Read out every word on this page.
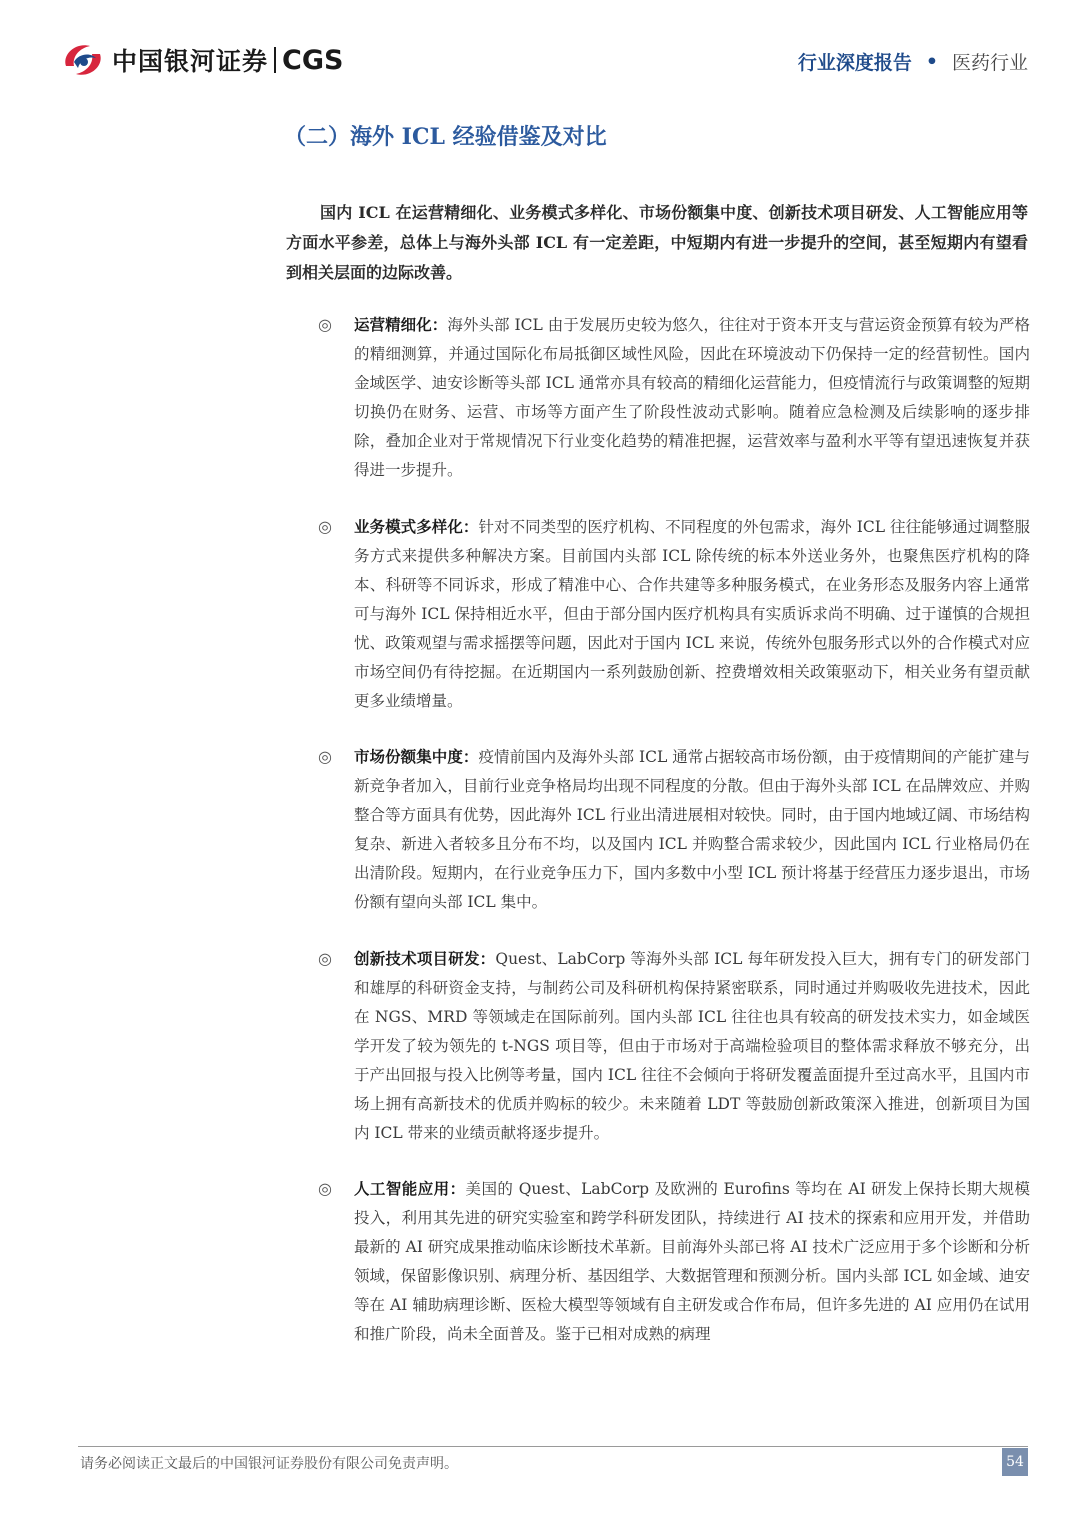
中国银河证券 CGS	行业深度报告 • 医药行业
（二）海外 ICL 经验借鉴及对比

国内 ICL 在运营精细化、业务模式多样化、市场份额集中度、创新技术项目研发、人工智能应用等方面水平参差，总体上与海外头部 ICL 有一定差距，中短期内有进一步提升的空间，甚至短期内有望看到相关层面的边际改善。

◎ 运营精细化：海外头部 ICL 由于发展历史较为悠久，往往对于资本开支与营运资金预算有较为严格的精细测算，并通过国际化布局抵御区域性风险，因此在环境波动下仍保持一定的经营韧性。国内金域医学、迪安诊断等头部 ICL 通常亦具有较高的精细化运营能力，但疫情流行与政策调整的短期切换仍在财务、运营、市场等方面产生了阶段性波动式影响。随着应急检测及后续影响的逐步排除，叠加企业对于常规情况下行业变化趋势的精准把握，运营效率与盈利水平等有望迅速恢复并获得进一步提升。
◎ 业务模式多样化：针对不同类型的医疗机构、不同程度的外包需求，海外 ICL 往往能够通过调整服务方式来提供多种解决方案。目前国内头部 ICL 除传统的标本外送业务外，也聚焦医疗机构的降本、科研等不同诉求，形成了精准中心、合作共建等多种服务模式，在业务形态及服务内容上通常可与海外 ICL 保持相近水平，但由于部分国内医疗机构具有实质诉求尚不明确、过于谨慎的合规担忧、政策观望与需求摇摆等问题，因此对于国内 ICL 来说，传统外包服务形式以外的合作模式对应市场空间仍有待挖掘。在近期国内一系列鼓励创新、控费增效相关政策驱动下，相关业务有望贡献更多业绩增量。
◎ 市场份额集中度：疫情前国内及海外头部 ICL 通常占据较高市场份额，由于疫情期间的产能扩建与新竞争者加入，目前行业竞争格局均出现不同程度的分散。但由于海外头部 ICL 在品牌效应、并购整合等方面具有优势，因此海外 ICL 行业出清进展相对较快。同时，由于国内地域辽阔、市场结构复杂、新进入者较多且分布不均，以及国内 ICL 并购整合需求较少，因此国内 ICL 行业格局仍在出清阶段。短期内，在行业竞争压力下，国内多数中小型 ICL 预计将基于经营压力逐步退出，市场份额有望向头部 ICL 集中。
◎ 创新技术项目研发：Quest、LabCorp 等海外头部 ICL 每年研发投入巨大，拥有专门的研发部门和雄厚的科研资金支持，与制药公司及科研机构保持紧密联系，同时通过并购吸收先进技术，因此在 NGS、MRD 等领域走在国际前列。国内头部 ICL 往往也具有较高的研发技术实力，如金域医学开发了较为领先的 t-NGS 项目等，但由于市场对于高端检验项目的整体需求释放不够充分，出于产出回报与投入比例等考量，国内 ICL 往往不会倾向于将研发覆盖面提升至过高水平，且国内市场上拥有高新技术的优质并购标的较少。未来随着 LDT 等鼓励创新政策深入推进，创新项目为国内 ICL 带来的业绩贡献将逐步提升。
◎ 人工智能应用：美国的 Quest、LabCorp 及欧洲的 Eurofins 等均在 AI 研发上保持长期大规模投入，利用其先进的研究实验室和跨学科研发团队，持续进行 AI 技术的探索和应用开发，并借助最新的 AI 研究成果推动临床诊断技术革新。目前海外头部已将 AI 技术广泛应用于多个诊断和分析领域，保留影像识别、病理分析、基因组学、大数据管理和预测分析。国内头部 ICL 如金域、迪安等在 AI 辅助病理诊断、医检大模型等领域有自主研发或合作布局，但许多先进的 AI 应用仍在试用和推广阶段，尚未全面普及。鉴于已相对成熟的病理
请务必阅读正文最后的中国银河证券股份有限公司免责声明。	54
